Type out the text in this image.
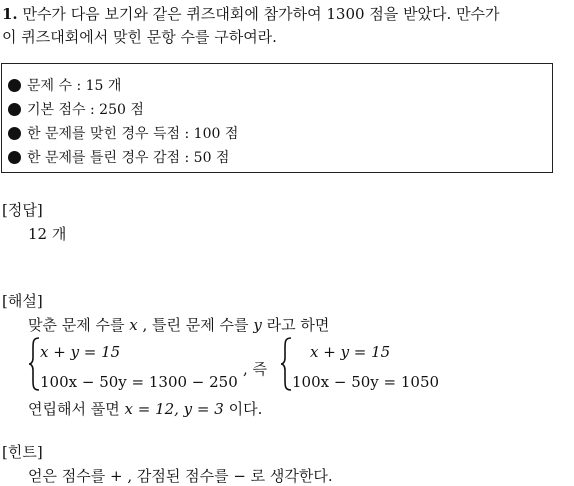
1. 만수가 다음 보기와 같은 퀴즈대회에 참가하여 1300 점을 받았다. 만수가
이 퀴즈대회에서 맞힌 문항 수를 구하여라.
문제 수 : 15 개
기본 점수 : 250 점
한 문제를 맞힌 경우 득점 : 100 점
한 문제를 틀린 경우 감점 : 50 점
[정답]
12 개
[해설]
맞춘 문제 수를 x , 틀린 문제 수를 y 라고 하면
x + y = 15
100x − 50y = 1300 − 250
, 즉
x + y = 15
100x − 50y = 1050
연립해서 풀면 x = 12, y = 3 이다.
[힌트]
얻은 점수를 + , 감점된 점수를 − 로 생각한다.
